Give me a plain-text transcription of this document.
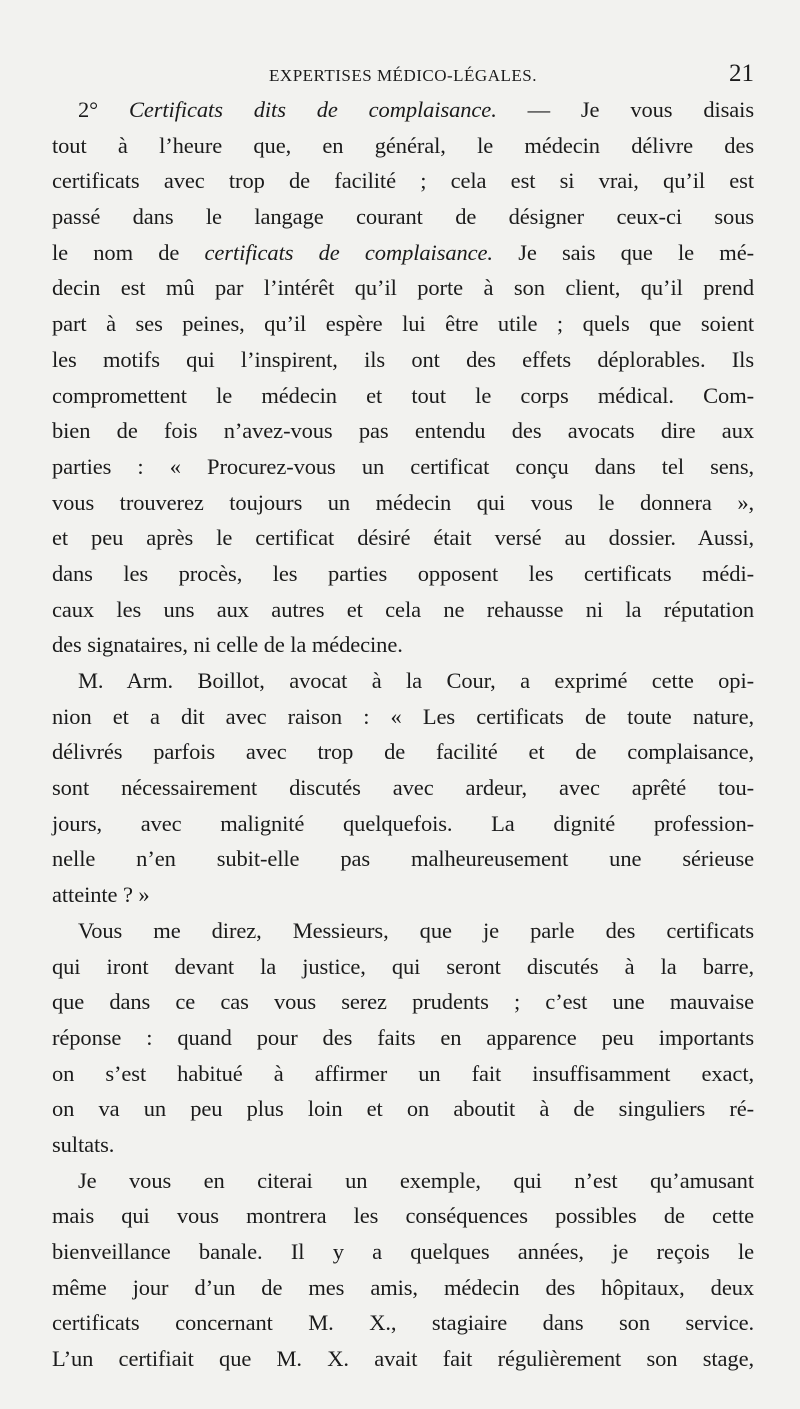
EXPERTISES MÉDICO-LÉGALES.	21
2° Certificats dits de complaisance. — Je vous disais
tout à l’heure que, en général, le médecin délivre des
certificats avec trop de facilité ; cela est si vrai, qu’il est
passé dans le langage courant de désigner ceux-ci sous
le nom de certificats de complaisance. Je sais que le mé-
decin est mû par l’intérêt qu’il porte à son client, qu’il prend
part à ses peines, qu’il espère lui être utile ; quels que soient
les motifs qui l’inspirent, ils ont des effets déplorables. Ils
compromettent le médecin et tout le corps médical. Com-
bien de fois n’avez-vous pas entendu des avocats dire aux
parties : « Procurez-vous un certificat conçu dans tel sens,
vous trouverez toujours un médecin qui vous le donnera »,
et peu après le certificat désiré était versé au dossier. Aussi,
dans les procès, les parties opposent les certificats médi-
caux les uns aux autres et cela ne rehausse ni la réputation
des signataires, ni celle de la médecine.
M. Arm. Boillot, avocat à la Cour, a exprimé cette opi-
nion et a dit avec raison : « Les certificats de toute nature,
délivrés parfois avec trop de facilité et de complaisance,
sont nécessairement discutés avec ardeur, avec aprêté tou-
jours, avec malignité quelquefois. La dignité profession-
nelle n’en subit-elle pas malheureusement une sérieuse
atteinte ? »
Vous me direz, Messieurs, que je parle des certificats
qui iront devant la justice, qui seront discutés à la barre,
que dans ce cas vous serez prudents ; c’est une mauvaise
réponse : quand pour des faits en apparence peu importants
on s’est habitué à affirmer un fait insuffisamment exact,
on va un peu plus loin et on aboutit à de singuliers ré-
sultats.
Je vous en citerai un exemple, qui n’est qu’amusant
mais qui vous montrera les conséquences possibles de cette
bienveillance banale. Il y a quelques années, je reçois le
même jour d’un de mes amis, médecin des hôpitaux, deux
certificats concernant M. X., stagiaire dans son service.
L’un certifiait que M. X. avait fait régulièrement son stage,
